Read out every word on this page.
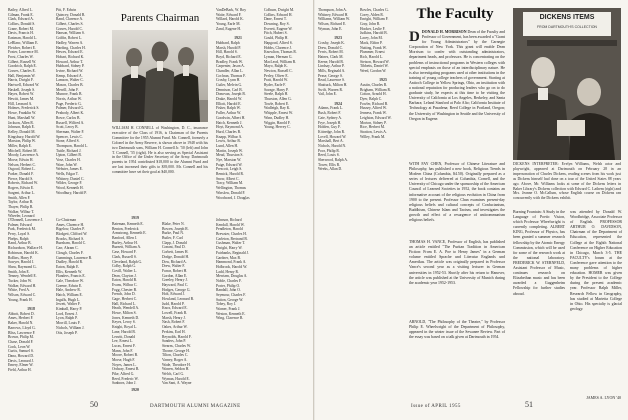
Bailey, Alfred L.
Gilman, Frank E.
Clark, Edward A.
Collins, Donald S.
Crane, Robert M.
Davis, Francis H.
Eastman, Harold L.
LeBlanc, William E.
Fletcher, Robert E.
Foster, Lawrence M.
Frost, Charles W.
Gilbert, Russell W.
Goodrich, Ralph E.
Graves, Charles E.
Hall, Benjamin W.
Harris, Dwight F.
Hartwell, Edward W.
Haskell, Joseph S.
Hayes, Robert W.
Hewitt, James M.
Hill, Leonard A.
Holmes, Frederick S.
Howe, Franklin W.
Hunt, Marshall W.
Jackson, Allen R.
Johnson, Ralph E.
Kelley, Donald M.
Kingsbury, Harold W.
Marston, Philip W.
Miller, Ralph E.
Mitchell, Robert M.
Moody, Lawrence A.
Morse, Edwin H.
Nelson, Herbert C.
Osgood, Robert L.
Parker, Donald F.
Pierce, Harold S.
Roberts, Richard W.
Rogers, Edwin E.
Sargent, Arthur L.
Smith, Allen F.
Taylor, Arthur B.
Thayer, Philip B.
Walker, Wilbur T.
Wheeler, Leonard
Pitt, F. Edwin
Quincey, Donald B.
Rand, Clarence A.
Gilbert, Charles S.
Graves, Harold C.
Hanson, William S.
Griffin, Robert L.
Hadley, Warren A.
Harding, Charles H.
Hewes, Edward E.
Hobart, Richard K.
Howard, Arthur T.
Hubbard, Sidney P.
Irvine, Richard W.
Kemp, Edward A.
Lamson, Walter C.
Mason, Charles B.
Merrill, John F.
Munroe, Frank B.
Norris, Arthur W.
Page, Frederic G.
Palmer, Edward G.
Peabody, Albert K.
Rowe, Carlos B.
Russell, Wilfred A.
Scott, Leroy B.
Sherman, Walter F.
Spencer, Lewis C.
Stone, Alfred S.
Thompson, Harold L.
Tuttle, Richard J.
Upton, Gilbert B.
Vose, Charles H.
Ware, John W.
Webster, James E.
Wells, Edgar T.
Whitney, Daniel C.
Wilder, George F.
Wood, Kenneth H.
Woodbury, Harold P.
Parents Chairman
WILLIAM H. CONNELL of Washington, D. C., insurance executive of the Class of 1916, is Chairman of the Parents Committee for the 1955 Alumni Fund. Mr. Connell, formerly a Colonel in the Army Reserve, is shown above in 1948 with his two Dartmouth sons, William H. Connell Jr. '50 (left) and John T. Connell, '55 (right). He is also serving as Special Assistant in the Office of the Under Secretary of the Army. Dartmouth parents in 1954 contributed $18,000 to the Alumni Fund and are last increased their gifts to $39,000. Mr. Connell and his committee have set their goal at $40,000.
VanDeBark, W. Roy
Waite, Edward F.
Willard, Harold K.
Young, Earle M.
Zand, Eugene H.
1921
Hubbard, Ralph
Marsh, Harold P.
Hill, Harold S.
Boyd, Richard E.
Bradley, Frank W.
Carpenter, Jason A.
Chandler, Allan L.
Cochran, Thomas F.
Crosby, Lynn H.
Cutler, Melvin G.
Dennison, Carl B.
Donovan, Joseph B.
Drake, Harold W.
Elliott, Harold E.
Fisher, Ralph W.
Fuller, Arthur W.
Goodwin, Albert H.
Hatch, Kenneth J.
Hoyt, Raymond A.
Hurd, Charles B.
Knapp, Wilbur A.
Lewis, Arthur B.
Lund, Allen H.
Martin, Joseph W.
Mead, Thurston S.
Nye, Marston W.
Paige, Edward W.
Prescott, Leigh S.
Remick, Harold R.
Snow, Albert C.
Tracy, William M.
Wellington, Thomas
Winslow, Donald F.
Woodward, J. Douglas
O'Donnell, Lawrence J.
Palmer, Edward
Park, Frederick M.
Perry, Loyal S.
Phelps, Ralph
Rand, Arthur B.
Richardson, Wallace H.
Robinson, Harold K.
Rollins, Harry P.
Sawyer, Harold J.
Shaw, Raymond G.
Smith, John E.
Tenney, Wendell E.
Tucker, John W.
Walker, Edward H.
White, Fred A.
Wilson, Edward C.
Young, Frank H.
1918
Abbott, Robert D.
Ames, Herbert F.
Baker, Harold N.
Barrows, Lloyd G.
Bliss, Lawrence F.
Brown, Philip M.
Chase, Donald F.
Cook, Leon W.
Curtis, Samuel S.
Dana, Howard D.
Davis, Leonard J.
Emery, Elmer W.
Field, Arthur H.
Co-Chairman
Ames, Clarence H.
Bigelow, Charles P.
Blodgett, Clifford W.
Brooks, Richard S.
Burnham, Harold C.
Carr, Abram C.
Clough, Charles F.
Cummings, Laurence B.
Dudley, Harold R.
Eaton, Ralph E.
Ellis, Kenneth W.
Flanders, Francis E.
Gale, Theodore W.
Greene, Edwin E.
Hale, Andrew R.
Hatch, William E.
Ingalls, Hugh L.
Jewett, Walter F.
Kimball, Harry P.
Lord, Ernest J.
Lyon, Ralph P.
Morrill, Louis F.
Nichols, William J.
Otis, Joseph P.
1919
Bateman, Kenneth E.
Benton, Frederick
Armstrong, Kenneth E.
Banford, Allen J.
Burley, Arthur H.
Burnett, William A.
Case, Howard F.
Clark, Russell S.
Cleveland, Ralph G.
Colby, Ralph G.
Covill, Walter L.
Dean, Clayton J.
Eaton, Harold B.
Evans, Wilbur C.
Fogg, Chester B.
French, John D.
Gage, Herbert C.
Hall, Richard L.
Heath, Wendell A.
Howe, Milton S.
Jones, Kenneth D.
Keyes, Leroy S.
Knight, Royal L.
Lane, Harold B.
Leavitt, Donald
Lee, Ernest L.
Lucas, Ernest F.
Mann, John F.
Moore, Robert B.
Morse, Hugh F.
Noyes, James L.
Ordway, Ernest B.
Pike, Alfred G.
Reed, Frederic W.
Sanborn, John J.
1920
Blake, Peter N.
Bowen, Joseph R.
Burke, Paul N.
Butler, F. Carl
Clapp, J. Donald
Conant, Paul D.
Corbett, James H.
Dodge, Donald H.
Dow, Richard A.
Drew, Walter F.
Farrar, Robert H.
Gordon, Allan E.
Greeley, Henry J.
Hayward, Paul C.
Hodges, George G.
Holt, Edward J.
Howland, Leonard B.
Judd, Harold P.
Knox, Edward E.
Lowell, Frank R.
Marsh, Henry J.
Nash, Robert F.
Oakes, Arthur W.
Perkins, Earl H.
Reynolds, Harold F.
Sanders, John P.
Stearns, Charles W.
Thorne, George H.
Tilton, Charles C.
Varney, Roger A.
Wade, Theodore H.
Warren, Seldon H.
Welch, Carl G.
Wyman, Harold E.
Van Sant, A. Wayne
Johnson, Richard
Kendall, Harold W.
Pendleton, Harold
Brewster, Charles H.
Carleton, Bertrand B.
Cushman, Walter T.
Dwight, Harry W.
Fairbanks, Reginald J.
Gardner, Max B.
Hammond, Frank A.
Holbrook, Harold W.
Ladd, Henry R.
Merriam, Douglas A.
Noble, Charles F.
Porter, Philip O.
Randall, John O.
Seymour, Charles F.
Sutton, George W.
Tobey, Roy J.
Warner, Frank J.
Weston, Kenneth E.
Wing, Clarence B.
Colburn, Dwight M.
Collins, Edward H.
Dane, Ernest T.
Downing, Roy S.
Everett, Eugene W.
Fitch, Hubert S.
Gould, Philip H.
Hapgood, Alfred S.
Hobbs, Clarence J.
Knowlton, Thomas R.
Lyman, Herman G.
MacLeod, William R.
Mayo, Ralph K.
Newton, Russell C.
Perley, Oliver E.
Pratt, Harold W.
Ryder, Earle F.
Savage, Harry P.
Steele, Ralph H.
Thurston, Allen G.
Towle, Robert E.
Wadleigh, Ray K.
Whipple, Ernest W.
Winn, Dudley H.
Wiggin, Harold F.
Young, Hervey C.
50	DARTMOUTH ALUMNI MAGAZINE
Thompson, John A.
Whitney, Edward H.
Williams, William W.
Wilson, Richard E.
Wyman, John E.
1923
Crosby, Joseph K.
Drew, Donald C.
Ferris, Robert M.
Haines, Clark M.
Keene, Harold B.
Lindsay, Arthur P.
Mills, Reginald A.
Pease, George S.
Read, Laurence S.
Shattuck, Milton H.
Swift, Warren R.
Vail, John E.
1924
Adams, Frank L.
Bush, Robert F.
Cate, Sydney A.
Frye, Joseph H.
Holden, Guy F.
Kittredge, John R.
Lovell, Howard W.
Marshall, Bert A.
Nichols, Harold N.
Poor, Philip R.
Reed, Louis S.
Sherwood, Ralph A.
Tower, Ellis R.
Weeks, Allan D.
Bowles, Charles G.
Corey, Alden R.
Enright, William F.
Gray, John R.
Hooker, Leslie F.
Judkins, Harold B.
Lacey, John M.
Mack, Eldon P.
Nutting, Frank W.
Plummer, Ernest
Rich, Harold L.
Stetson, Howard W.
Tibbetts, Daniel W.
Weed, Gordon W.
1925
Austin, Charles R.
Brigham, William R.
Cotton, Arnold H.
Dyer, Ralph C.
Fowler, Richard B.
Hussey, Alfred W.
Jenness, Frank W.
Leighton, Edward W.
Morton, Sidney P.
Rice, Herbert M.
Stratton, Lewis A.
Willey, Frank M.
The Faculty
D DONALD H. MORRISON Dean of the Faculty and Professor of Government, has been awarded a "Grant for Young Administrators" by the Carnegie Corporation of New York. This grant will enable Dean Morrison to confer with outstanding administrators, department heads, and professors. He is concentrating on the problems of instructional programs in Western colleges with special emphasis on those of an interdisciplinary nature. He is also investigating programs used at other institutions in the training of young college teachers of government. Starting at Antioch College in Yellow Springs, Ohio, an institution with a national reputation for producing leaders who go on to do graduate study, he expects at this time to be visiting the University of California at Los Angeles, Berkeley, and Santa Barbara; Leland Stanford at Palo Alto; California Institute of Technology at Pasadena; Reed College in Portland, Oregon; the University of Washington in Seattle and the University of Oregon in Eugene.
WITH FAY CHEN, Professor of Chinese Literature and Philosophy, has published a new book, Religious Trends in Modern China (Columbia, $4.50). Originally prepared as a series of lectures delivered at Columbia, Cornell, and the University of Chicago under the sponsorship of the American Council of Learned Societies in 1952, the book contains an informative account of the religious evolution in China from 1900 to the present. Professor Chan examines present-day religious beliefs and cultural concepts of Confucianism, Buddhism, Chinese Islam and Taoism, and investigates the growth and effect of a resurgence of anticommunism religious beliefs.
THOMAS H. VANCE, Professor of English, has published an article entitled "The Puritan Tradition in American Fiction: From E. A. Poe to Henry James" in a German volume entitled Sprache und Literatur Englands und Amerikas. The article was originally prepared in Professor Vance's second year as a visiting lecturer in German universities in 1952-53. Shortly after his return to Hanover, the article was published at the University of Munich during the academic year 1952-1953.
ARNOLD, "The Philosophy of the Theatre," by Professor Philip E. Wheelwright of the Department of Philosophy, appeared in the winter issue of the Sewanee Review. Part of the essay was based on a talk given at Dartmouth in 1954.
DICKENS ITEMS
FROM DARTMOUTH'S COLLECTION
DICKENS INTERPRETER: Evelyn Williams, Welsh actor and playwright, appeared at Dartmouth on February 28 in an impersonation of Charles Dickens, reading scenes from his work just as Dickens himself had done on a tour of the United States 88 years ago. Above, Mr. Williams looks at some of the Dickens letters in Baker Library's Dickens collection with Edward C. Lathem (right) and Mrs. Jeanne O. McCallum, whose English course on Dickens ran concurrently with the Dickens exhibit.
Burning Fountain: A Study in the Language of Poetic Vision, which Professor Wheelwright is currently completing. ALBERT KING, Professor of Physics, has been granted a summer research fellowship by the Atomic Energy Commission, which will be used for some of the research work at the national laboratory. FREDERICK W. STERNFELD, Assistant Professor of Music, continues research on Elizabethan music and has been awarded a Guggenheim Fellowship for further studies abroad.
was attended by Donald W. Woodbridge, Associate Professor of English. PROFESSOR ARTHUR O. DAVIDSON, Chairman of the Department of Education, represented the College at the Eighth National Conference on Higher Education in Chicago, March 3-5. THE FACULTY's forum at the Conference gave attention to the many problems of higher education. HOMER was given by the President to the College during the present academic year. Professor Ralph Miller, Research Fellow in Geography, has studied at Marietta College in Ohio. His specialty is glacial geology.
JAMES A. LYON '40
Issue of APRIL 1955	51
